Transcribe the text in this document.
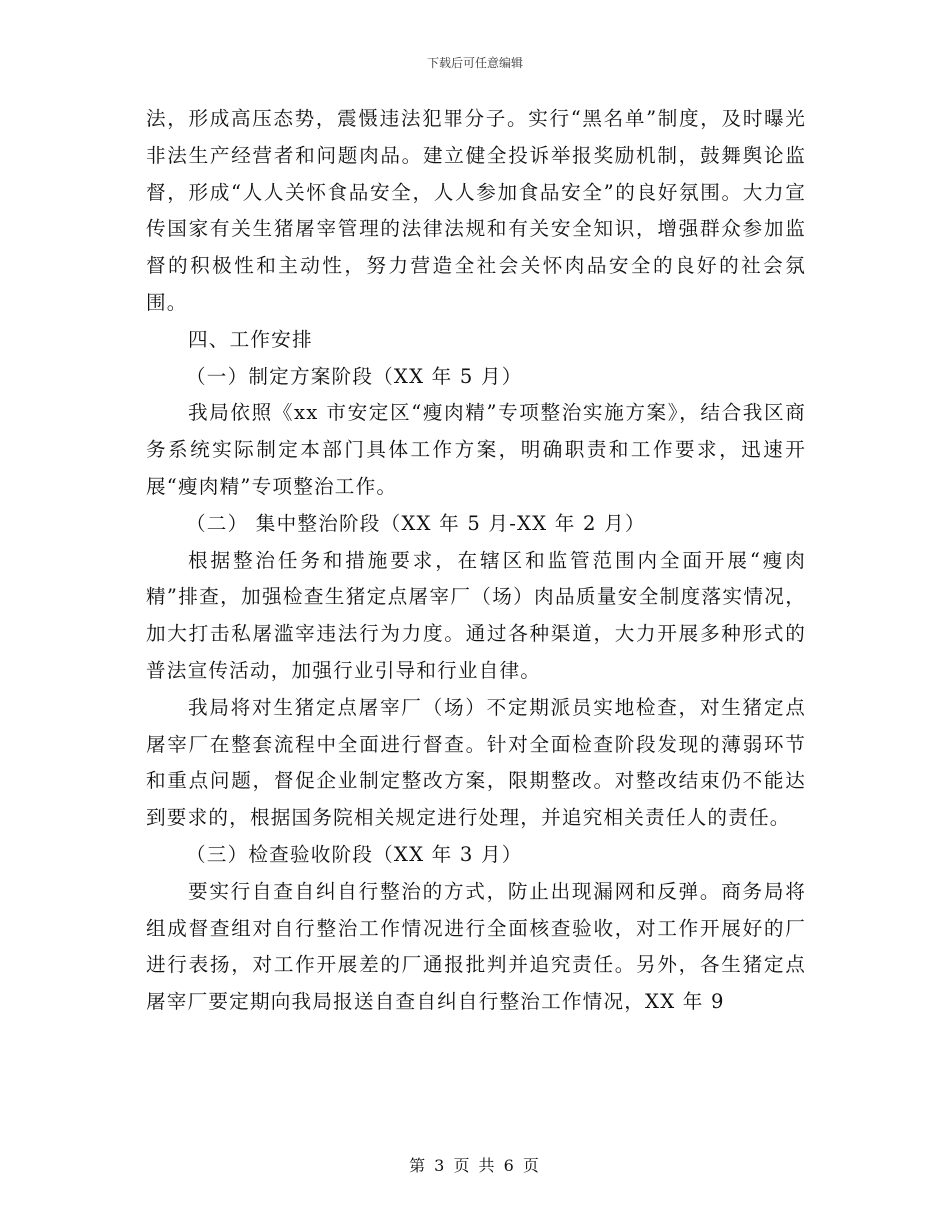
下载后可任意编辑

法，形成高压态势，震慑违法犯罪分子。实行“黑名单”制度，及时曝光非法生产经营者和问题肉品。建立健全投诉举报奖励机制，鼓舞舆论监督，形成“人人关怀食品安全，人人参加食品安全”的良好氛围。大力宣传国家有关生猪屠宰管理的法律法规和有关安全知识，增强群众参加监督的积极性和主动性，努力营造全社会关怀肉品安全的良好的社会氛围。

四、工作安排

（一）制定方案阶段（XX 年 5 月）

我局依照《xx 市安定区“瘦肉精”专项整治实施方案》，结合我区商务系统实际制定本部门具体工作方案，明确职责和工作要求，迅速开展“瘦肉精”专项整治工作。

（二） 集中整治阶段（XX 年 5 月-XX 年 2 月）

根据整治任务和措施要求，在辖区和监管范围内全面开展“瘦肉精”排查，加强检查生猪定点屠宰厂（场）肉品质量安全制度落实情况，加大打击私屠滥宰违法行为力度。通过各种渠道，大力开展多种形式的普法宣传活动，加强行业引导和行业自律。

我局将对生猪定点屠宰厂（场）不定期派员实地检查，对生猪定点屠宰厂在整套流程中全面进行督查。针对全面检查阶段发现的薄弱环节和重点问题，督促企业制定整改方案，限期整改。对整改结束仍不能达到要求的，根据国务院相关规定进行处理，并追究相关责任人的责任。

（三）检查验收阶段（XX 年 3 月）

要实行自查自纠自行整治的方式，防止出现漏网和反弹。商务局将组成督查组对自行整治工作情况进行全面核查验收，对工作开展好的厂进行表扬，对工作开展差的厂通报批判并追究责任。另外，各生猪定点屠宰厂要定期向我局报送自查自纠自行整治工作情况，XX 年 9

第 3 页 共 6 页
